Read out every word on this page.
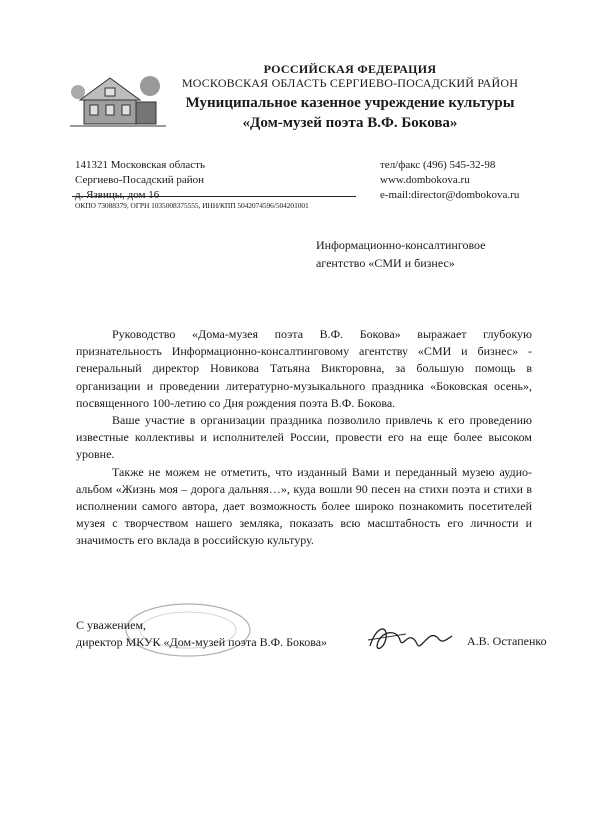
РОССИЙСКАЯ ФЕДЕРАЦИЯ
МОСКОВСКАЯ ОБЛАСТЬ СЕРГИЕВО-ПОСАДСКИЙ РАЙОН
Муниципальное казенное учреждение культуры
«Дом-музей поэта В.Ф. Бокова»
141321 Московская область
Сергиево-Посадский район
д. Язвицы, дом 16
ОКПО 73088379, ОГРН 1035008375555, ИНН/КПП 5042074596/504201001
тел/факс (496) 545-32-98
www.dombokova.ru
e-mail:director@dombokova.ru
Информационно-консалтинговое
агентство «СМИ и бизнес»

Руководство «Дома-музея поэта В.Ф. Бокова» выражает глубокую признательность Информационно-консалтинговому агентству «СМИ и бизнес» - генеральный директор Новикова Татьяна Викторовна, за большую помощь в организации и проведении литературно-музыкального праздника «Боковская осень», посвященного 100-летию со Дня рождения поэта В.Ф. Бокова.

Ваше участие в организации праздника позволило привлечь к его проведению известные коллективы и исполнителей России, провести его на еще более высоком уровне.

Также не можем не отметить, что изданный Вами и переданный музею аудио-альбом «Жизнь моя – дорога дальняя…», куда вошли 90 песен на стихи поэта и стихи в исполнении самого автора, дает возможность более широко познакомить посетителей музея с творчеством нашего земляка, показать всю масштабность его личности и значимость его вклада в российскую культуру.

С уважением,
директор МКУК «Дом-музей поэта В.Ф. Бокова»	А.В. Остапенко
